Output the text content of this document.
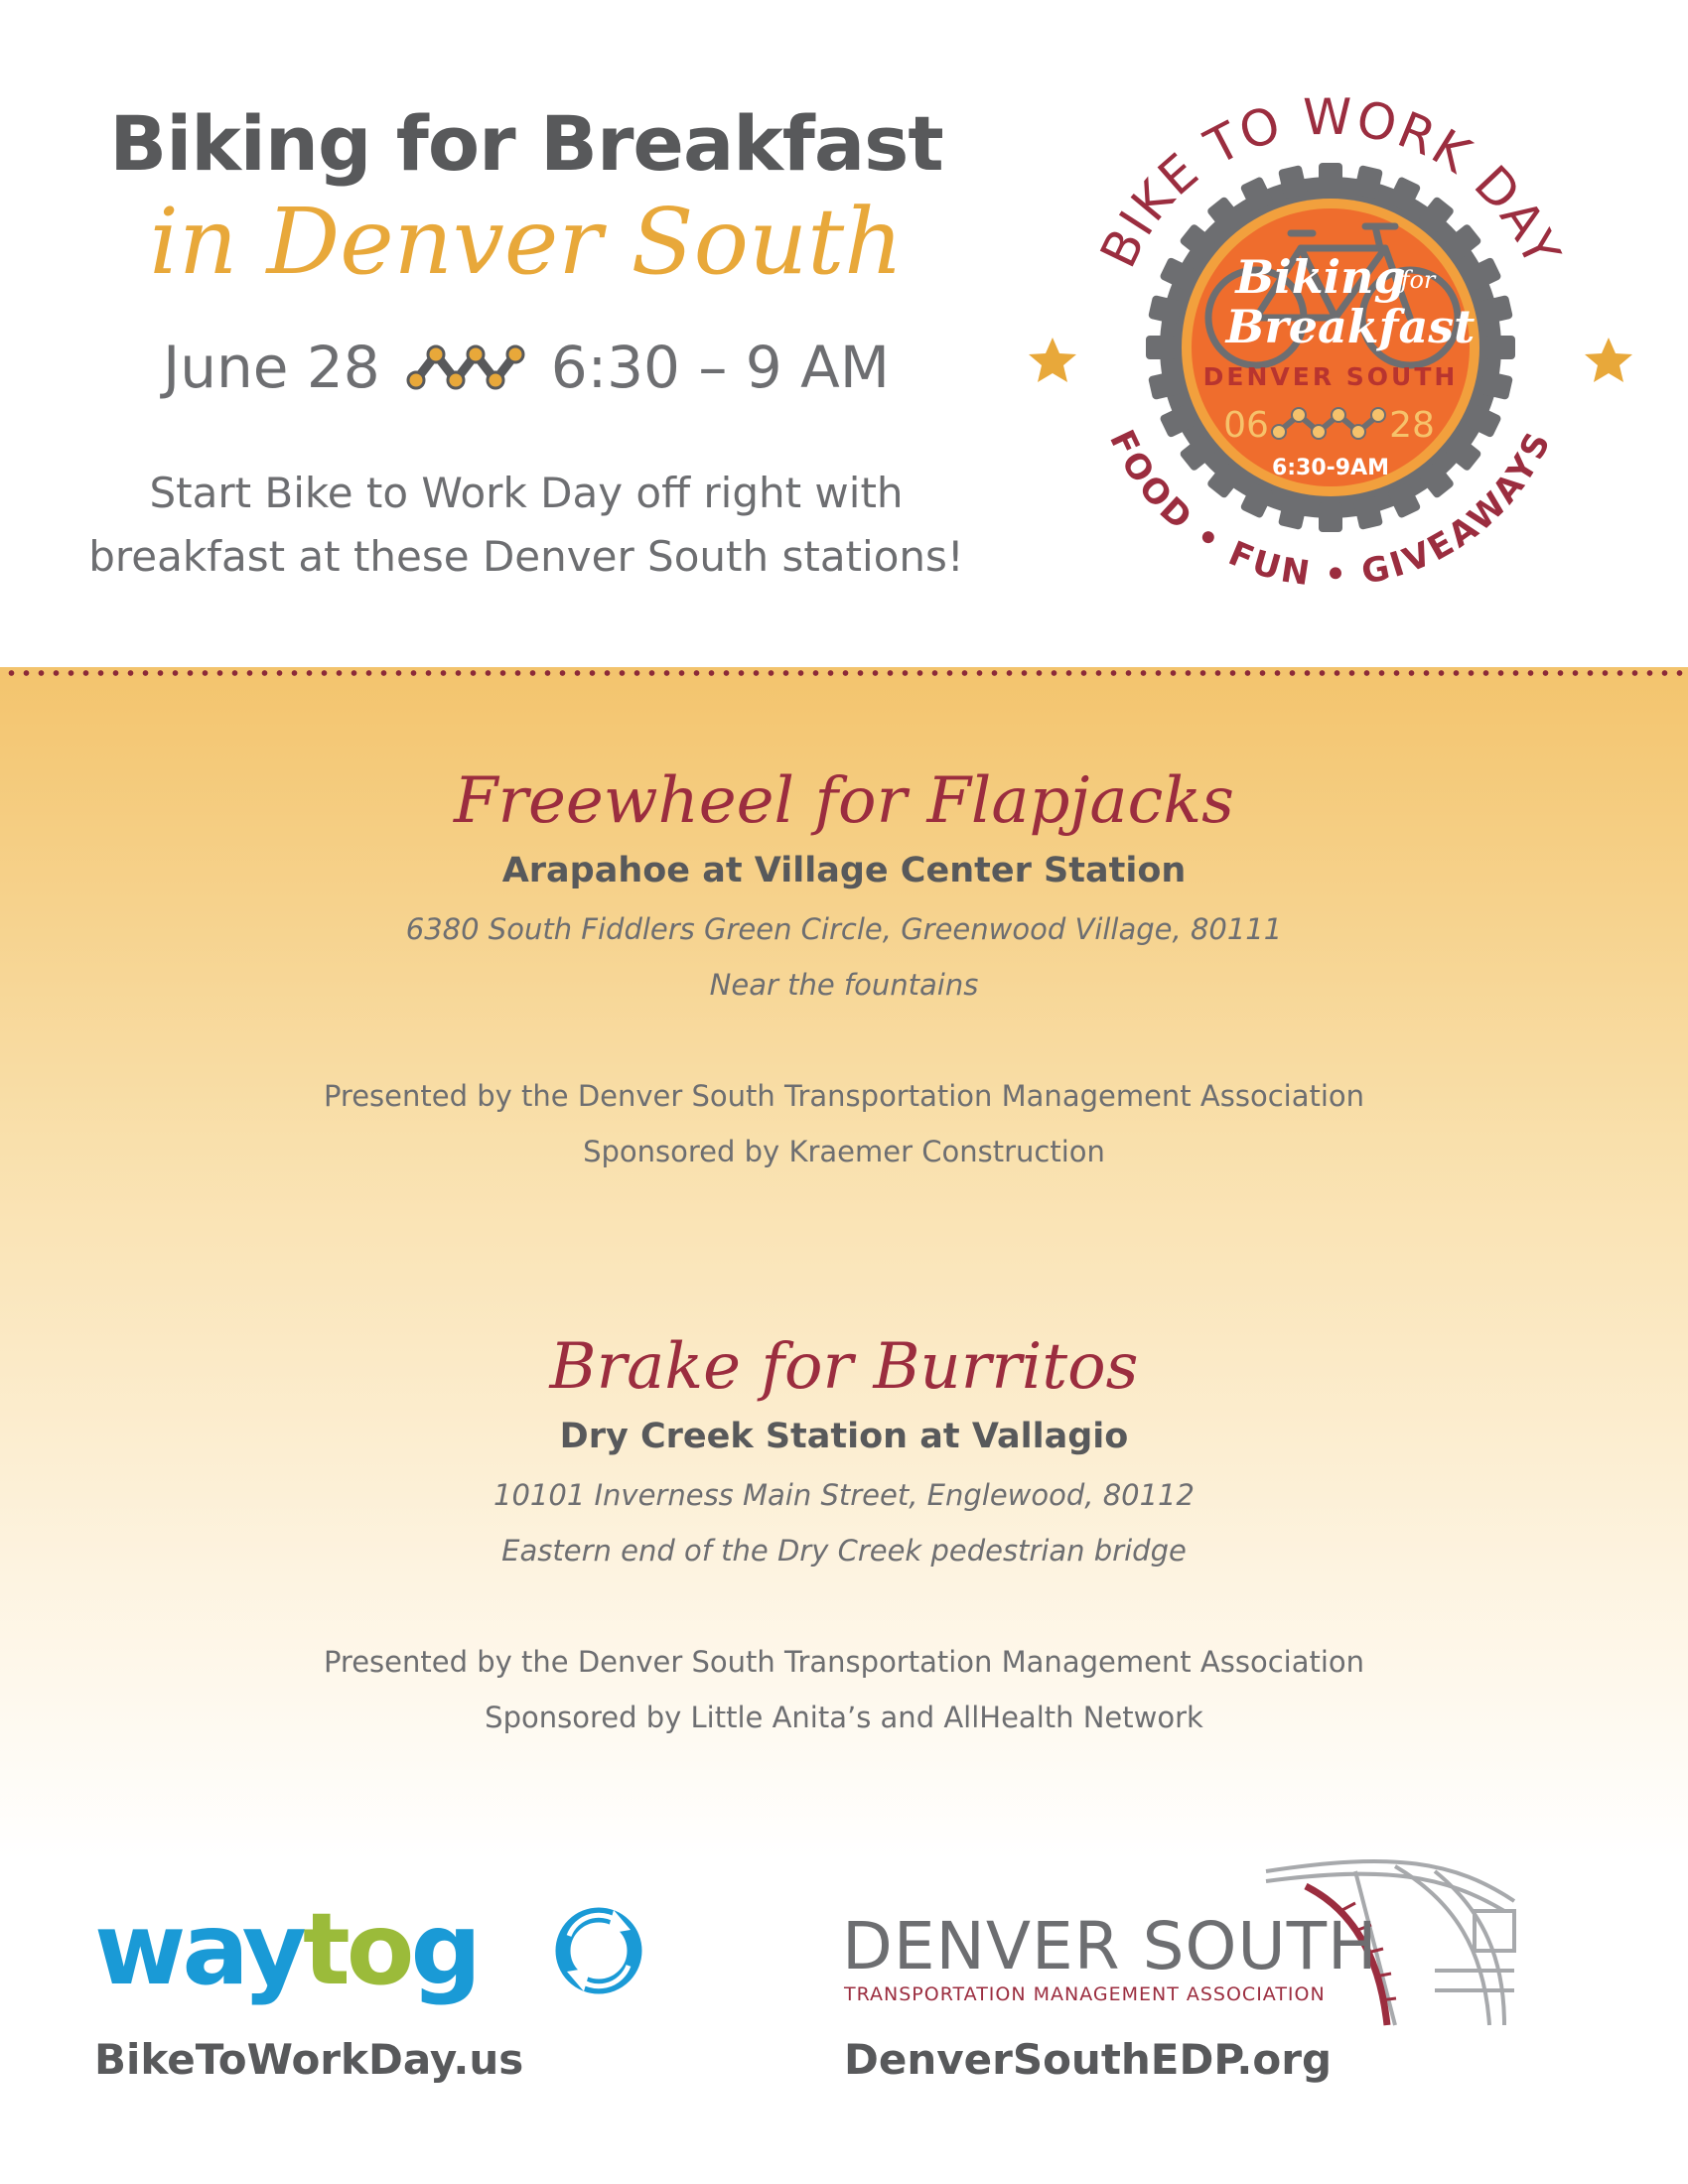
Biking for Breakfast
in Denver South
June 28	6:30 – 9 AM
Start Bike to Work Day off right with
breakfast at these Denver South stations!
Biking
for
Breakfast
DENVER SOUTH
06	28
6:30-9AM
BIKE TO WORK DAY
FOOD • FUN • GIVEAWAYS
Freewheel for Flapjacks
Arapahoe at Village Center Station
6380 South Fiddlers Green Circle, Greenwood Village, 80111
Near the fountains
Presented by the Denver South Transportation Management Association
Sponsored by Kraemer Construction
Brake for Burritos
Dry Creek Station at Vallagio
10101 Inverness Main Street, Englewood, 80112
Eastern end of the Dry Creek pedestrian bridge
Presented by the Denver South Transportation Management Association
Sponsored by Little Anita’s and AllHealth Network
waytog
BikeToWorkDay.us
DENVER SOUTH
TRANSPORTATION MANAGEMENT ASSOCIATION
DenverSouthEDP.org
